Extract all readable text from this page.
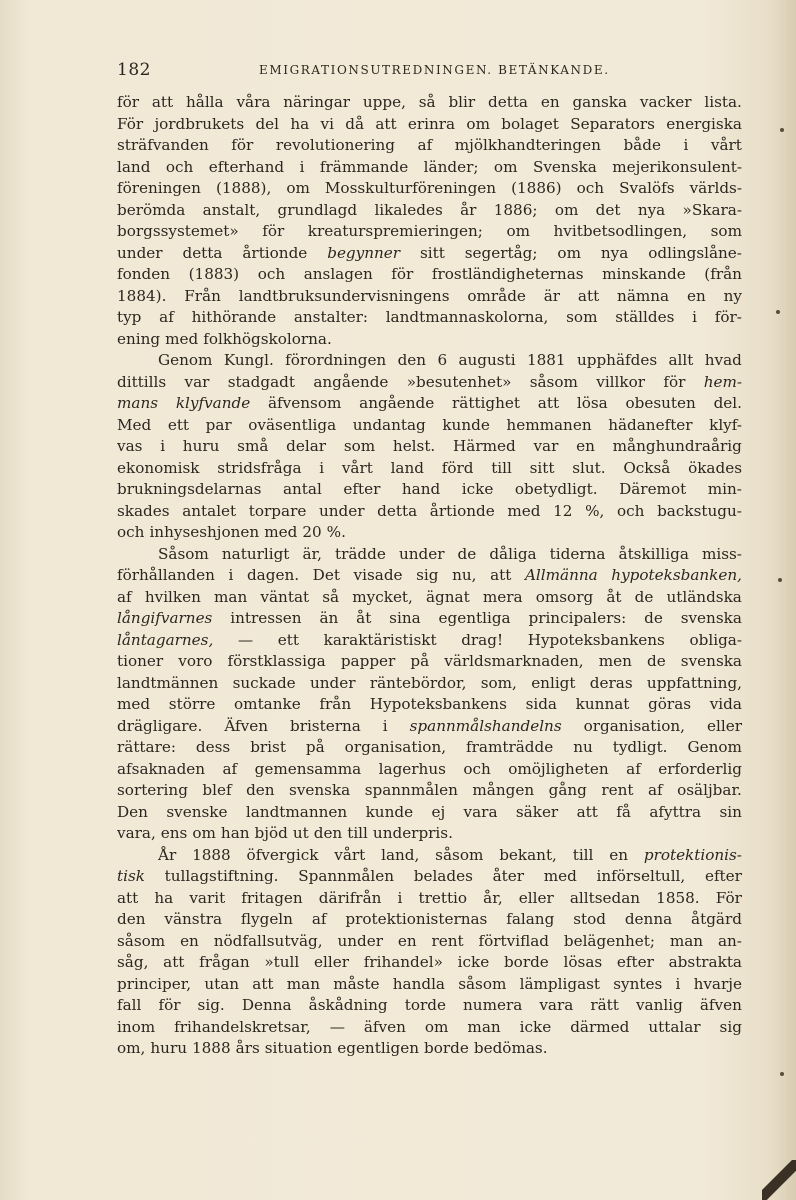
182	EMIGRATIONSUTREDNINGEN. BETÄNKANDE.
för att hålla våra näringar uppe, så blir detta en ganska vacker lista.
För jordbrukets del ha vi då att erinra om bolaget Separators energiska
sträfvanden för revolutionering af mjölkhandteringen både i vårt
land och efterhand i främmande länder; om Svenska mejerikonsulent-
föreningen (1888), om Mosskulturföreningen (1886) och Svalöfs världs-
berömda anstalt, grundlagd likaledes år 1886; om det nya »Skara-
borgssystemet» för kreaturspremieringen; om hvitbetsodlingen, som
under detta årtionde begynner sitt segertåg; om nya odlingslåne-
fonden (1883) och anslagen för frostländigheternas minskande (från
1884). Från landtbruksundervisningens område är att nämna en ny
typ af hithörande anstalter: landtmannaskolorna, som ställdes i för-
ening med folkhögskolorna.
Genom Kungl. förordningen den 6 augusti 1881 upphäfdes allt hvad
dittills var stadgadt angående »besutenhet» såsom villkor för hem-
mans klyfvande äfvensom angående rättighet att lösa obesuten del.
Med ett par oväsentliga undantag kunde hemmanen hädanefter klyf-
vas i huru små delar som helst. Härmed var en månghundraårig
ekonomisk stridsfråga i vårt land förd till sitt slut. Också ökades
brukningsdelarnas antal efter hand icke obetydligt. Däremot min-
skades antalet torpare under detta årtionde med 12 %, och backstugu-
och inhyseshjonen med 20 %.
Såsom naturligt är, trädde under de dåliga tiderna åtskilliga miss-
förhållanden i dagen. Det visade sig nu, att Allmänna hypoteksbanken,
af hvilken man väntat så mycket, ägnat mera omsorg åt de utländska
långifvarnes intressen än åt sina egentliga principalers: de svenska
låntagarnes, — ett karaktäristiskt drag! Hypoteksbankens obliga-
tioner voro förstklassiga papper på världsmarknaden, men de svenska
landtmännen suckade under räntebördor, som, enligt deras uppfattning,
med större omtanke från Hypoteksbankens sida kunnat göras vida
drägligare. Äfven bristerna i spannmålshandelns organisation, eller
rättare: dess brist på organisation, framträdde nu tydligt. Genom
afsaknaden af gemensamma lagerhus och omöjligheten af erforderlig
sortering blef den svenska spannmålen mången gång rent af osäljbar.
Den svenske landtmannen kunde ej vara säker att få afyttra sin
vara, ens om han bjöd ut den till underpris.
År 1888 öfvergick vårt land, såsom bekant, till en protektionis-
tisk tullagstiftning. Spannmålen belades åter med införseltull, efter
att ha varit fritagen därifrån i trettio år, eller alltsedan 1858. För
den vänstra flygeln af protektionisternas falang stod denna åtgärd
såsom en nödfallsutväg, under en rent förtviflad belägenhet; man an-
såg, att frågan »tull eller frihandel» icke borde lösas efter abstrakta
principer, utan att man måste handla såsom lämpligast syntes i hvarje
fall för sig. Denna åskådning torde numera vara rätt vanlig äfven
inom frihandelskretsar, — äfven om man icke därmed uttalar sig
om, huru 1888 års situation egentligen borde bedömas.
